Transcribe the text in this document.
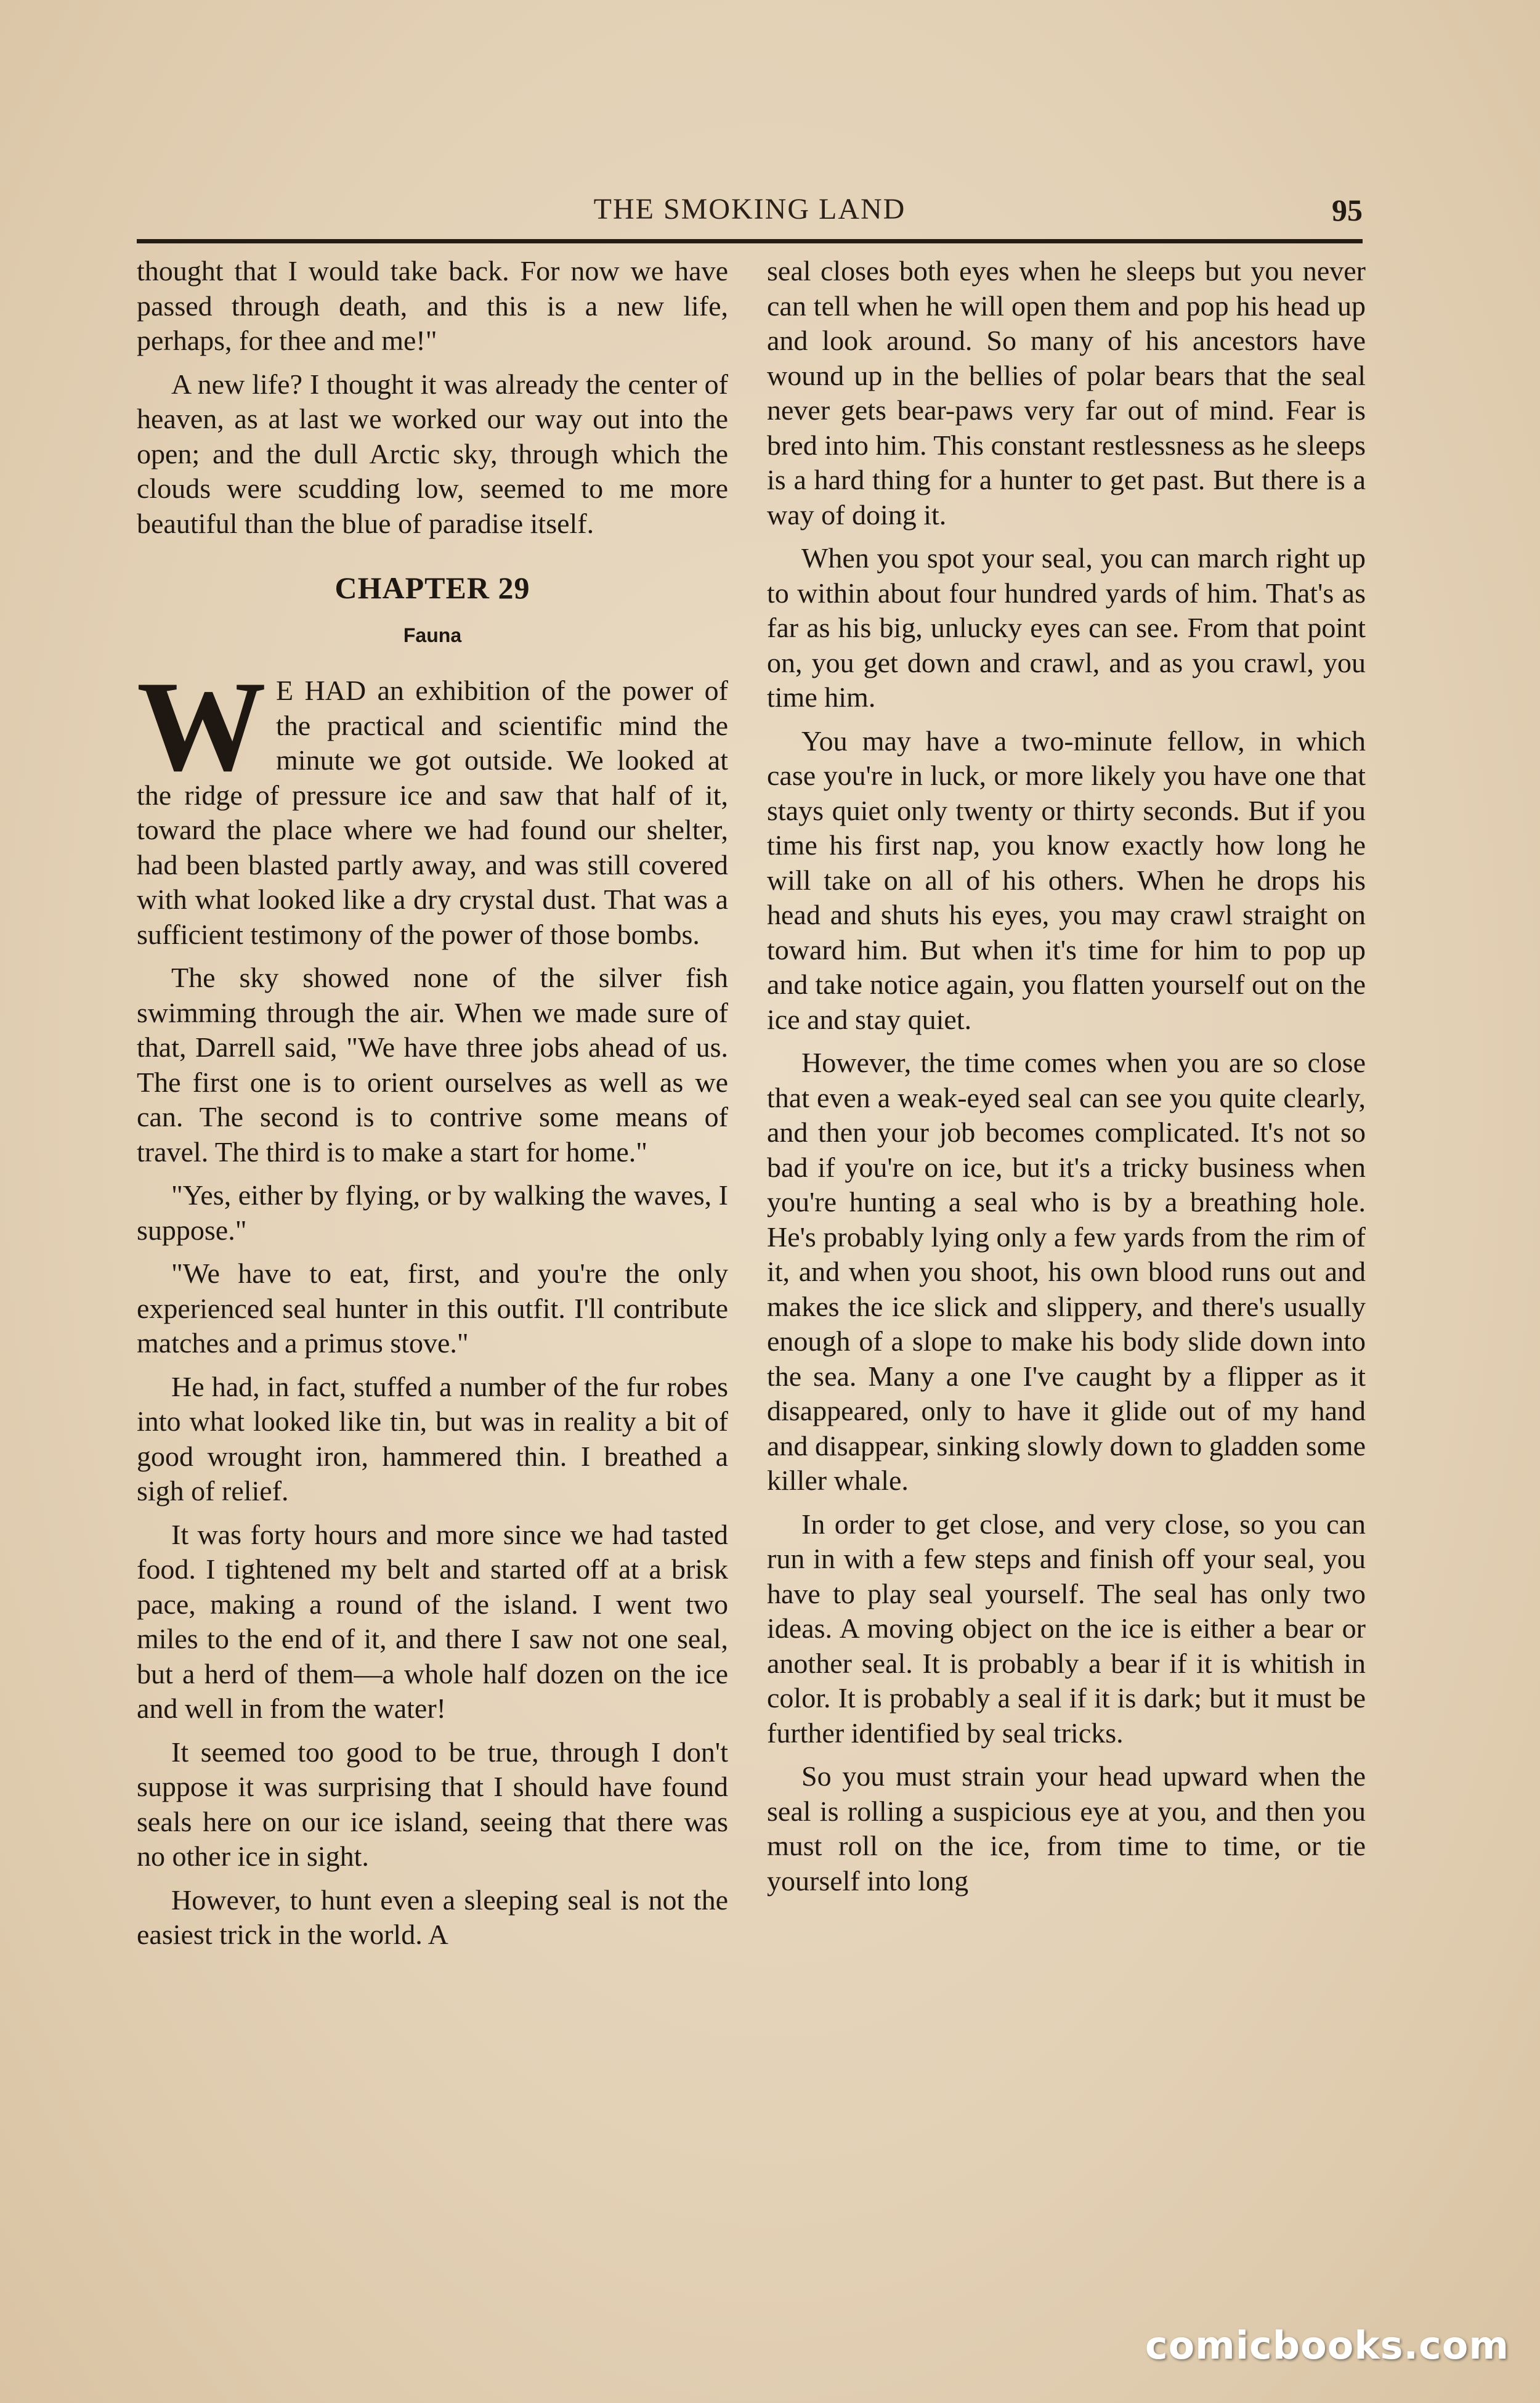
THE SMOKING LAND	95

thought that I would take back. For now we have passed through death, and this is a new life, perhaps, for thee and me!"

A new life? I thought it was already the center of heaven, as at last we worked our way out into the open; and the dull Arctic sky, through which the clouds were scudding low, seemed to me more beautiful than the blue of paradise itself.

CHAPTER 29
Fauna

W E HAD an exhibition of the power of the practical and scientific mind the minute we got outside. We looked at the ridge of pressure ice and saw that half of it, toward the place where we had found our shelter, had been blasted partly away, and was still covered with what looked like a dry crystal dust. That was a sufficient testimony of the power of those bombs.

The sky showed none of the silver fish swimming through the air. When we made sure of that, Darrell said, "We have three jobs ahead of us. The first one is to orient ourselves as well as we can. The second is to contrive some means of travel. The third is to make a start for home."

"Yes, either by flying, or by walking the waves, I suppose."

"We have to eat, first, and you're the only experienced seal hunter in this outfit. I'll contribute matches and a primus stove."

He had, in fact, stuffed a number of the fur robes into what looked like tin, but was in reality a bit of good wrought iron, hammered thin. I breathed a sigh of relief.

It was forty hours and more since we had tasted food. I tightened my belt and started off at a brisk pace, making a round of the island. I went two miles to the end of it, and there I saw not one seal, but a herd of them—a whole half dozen on the ice and well in from the water!

It seemed too good to be true, through I don't suppose it was surprising that I should have found seals here on our ice island, seeing that there was no other ice in sight.

However, to hunt even a sleeping seal is not the easiest trick in the world. A

seal closes both eyes when he sleeps but you never can tell when he will open them and pop his head up and look around. So many of his ancestors have wound up in the bellies of polar bears that the seal never gets bear-paws very far out of mind. Fear is bred into him. This constant restlessness as he sleeps is a hard thing for a hunter to get past. But there is a way of doing it.

When you spot your seal, you can march right up to within about four hundred yards of him. That's as far as his big, unlucky eyes can see. From that point on, you get down and crawl, and as you crawl, you time him.

You may have a two-minute fellow, in which case you're in luck, or more likely you have one that stays quiet only twenty or thirty seconds. But if you time his first nap, you know exactly how long he will take on all of his others. When he drops his head and shuts his eyes, you may crawl straight on toward him. But when it's time for him to pop up and take notice again, you flatten yourself out on the ice and stay quiet.

However, the time comes when you are so close that even a weak-eyed seal can see you quite clearly, and then your job becomes complicated. It's not so bad if you're on ice, but it's a tricky business when you're hunting a seal who is by a breathing hole. He's probably lying only a few yards from the rim of it, and when you shoot, his own blood runs out and makes the ice slick and slippery, and there's usually enough of a slope to make his body slide down into the sea. Many a one I've caught by a flipper as it disappeared, only to have it glide out of my hand and disappear, sinking slowly down to gladden some killer whale.

In order to get close, and very close, so you can run in with a few steps and finish off your seal, you have to play seal yourself. The seal has only two ideas. A moving object on the ice is either a bear or another seal. It is probably a bear if it is whitish in color. It is probably a seal if it is dark; but it must be further identified by seal tricks.

So you must strain your head upward when the seal is rolling a suspicious eye at you, and then you must roll on the ice, from time to time, or tie yourself into long

comicbooks.com
